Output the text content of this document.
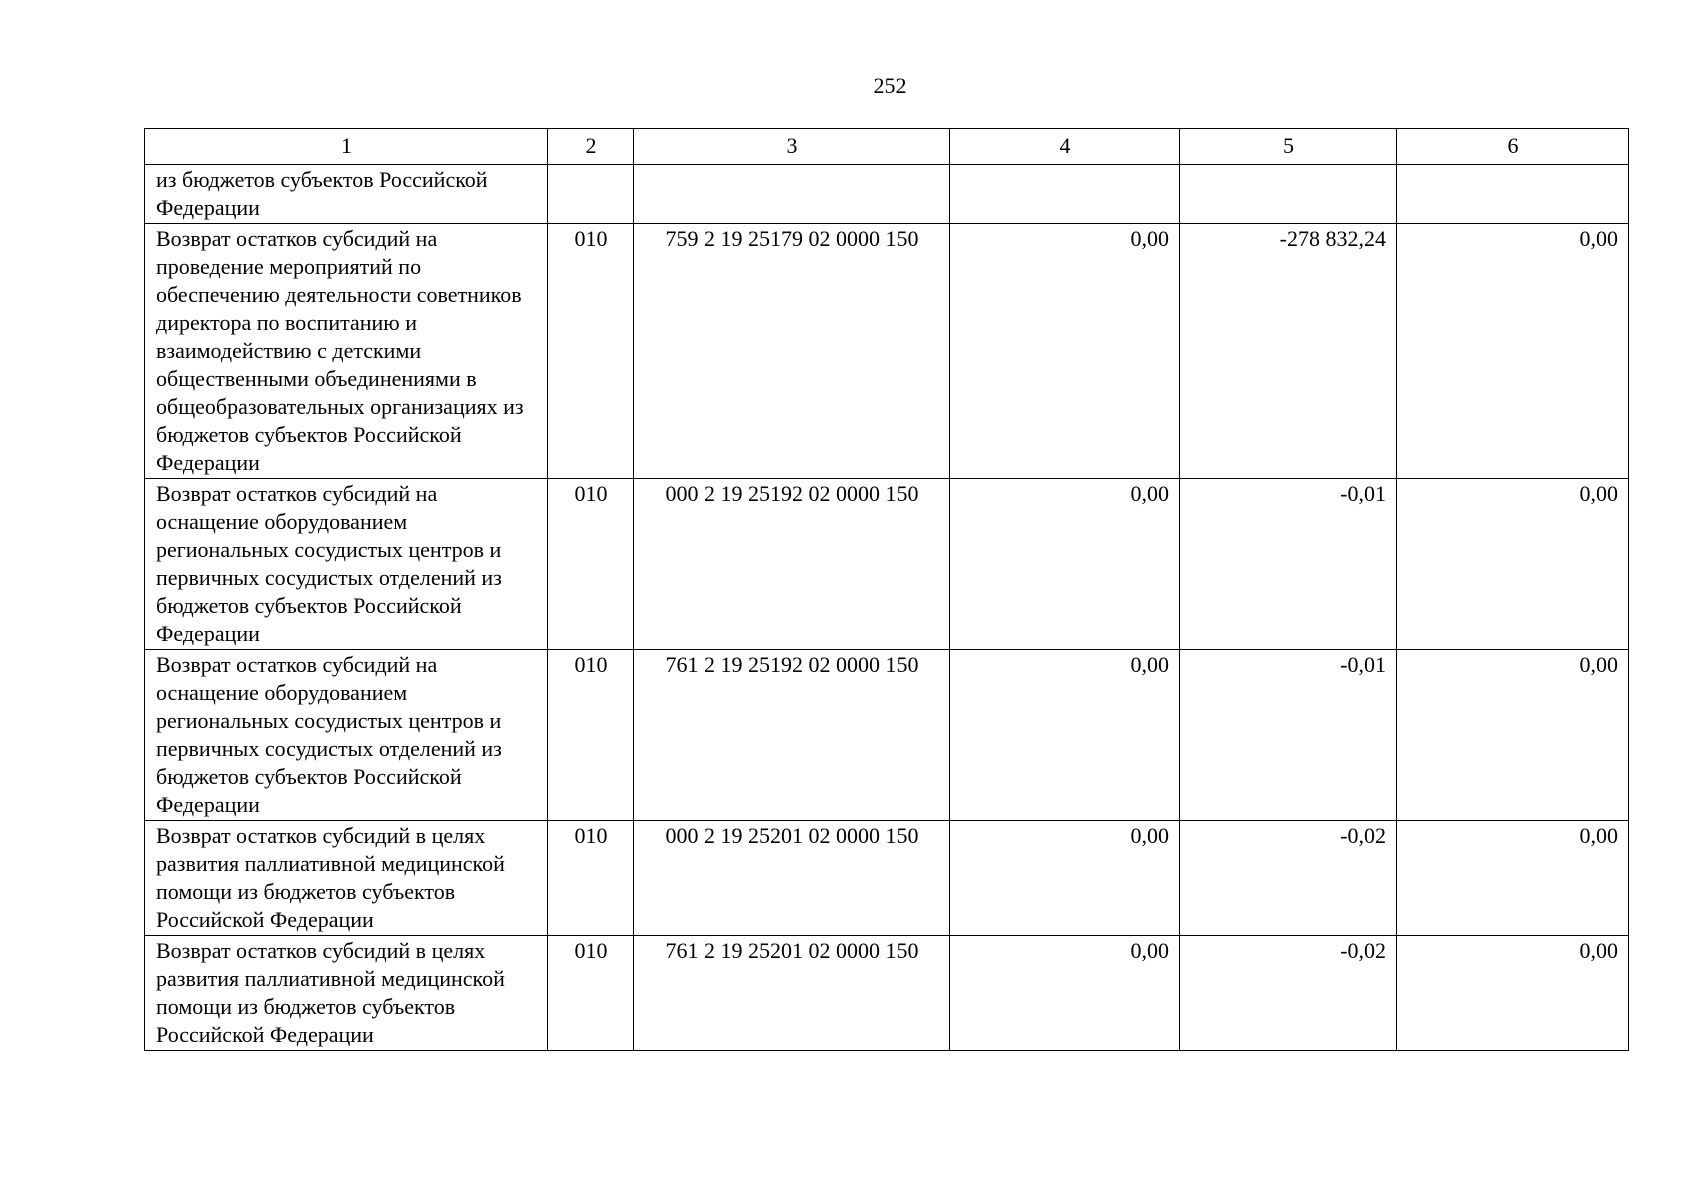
252
1	2	3	4	5	6
из бюджетов субъектов Российской Федерации					
Возврат остатков субсидий на проведение мероприятий по обеспечению деятельности советников директора по воспитанию и взаимодействию с детскими общественными объединениями в общеобразовательных организациях из бюджетов субъектов Российской Федерации	010	759 2 19 25179 02 0000 150	0,00	-278 832,24	0,00
Возврат остатков субсидий на оснащение оборудованием региональных сосудистых центров и первичных сосудистых отделений из бюджетов субъектов Российской Федерации	010	000 2 19 25192 02 0000 150	0,00	-0,01	0,00
Возврат остатков субсидий на оснащение оборудованием региональных сосудистых центров и первичных сосудистых отделений из бюджетов субъектов Российской Федерации	010	761 2 19 25192 02 0000 150	0,00	-0,01	0,00
Возврат остатков субсидий в целях развития паллиативной медицинской помощи из бюджетов субъектов Российской Федерации	010	000 2 19 25201 02 0000 150	0,00	-0,02	0,00
Возврат остатков субсидий в целях развития паллиативной медицинской помощи из бюджетов субъектов Российской Федерации	010	761 2 19 25201 02 0000 150	0,00	-0,02	0,00
